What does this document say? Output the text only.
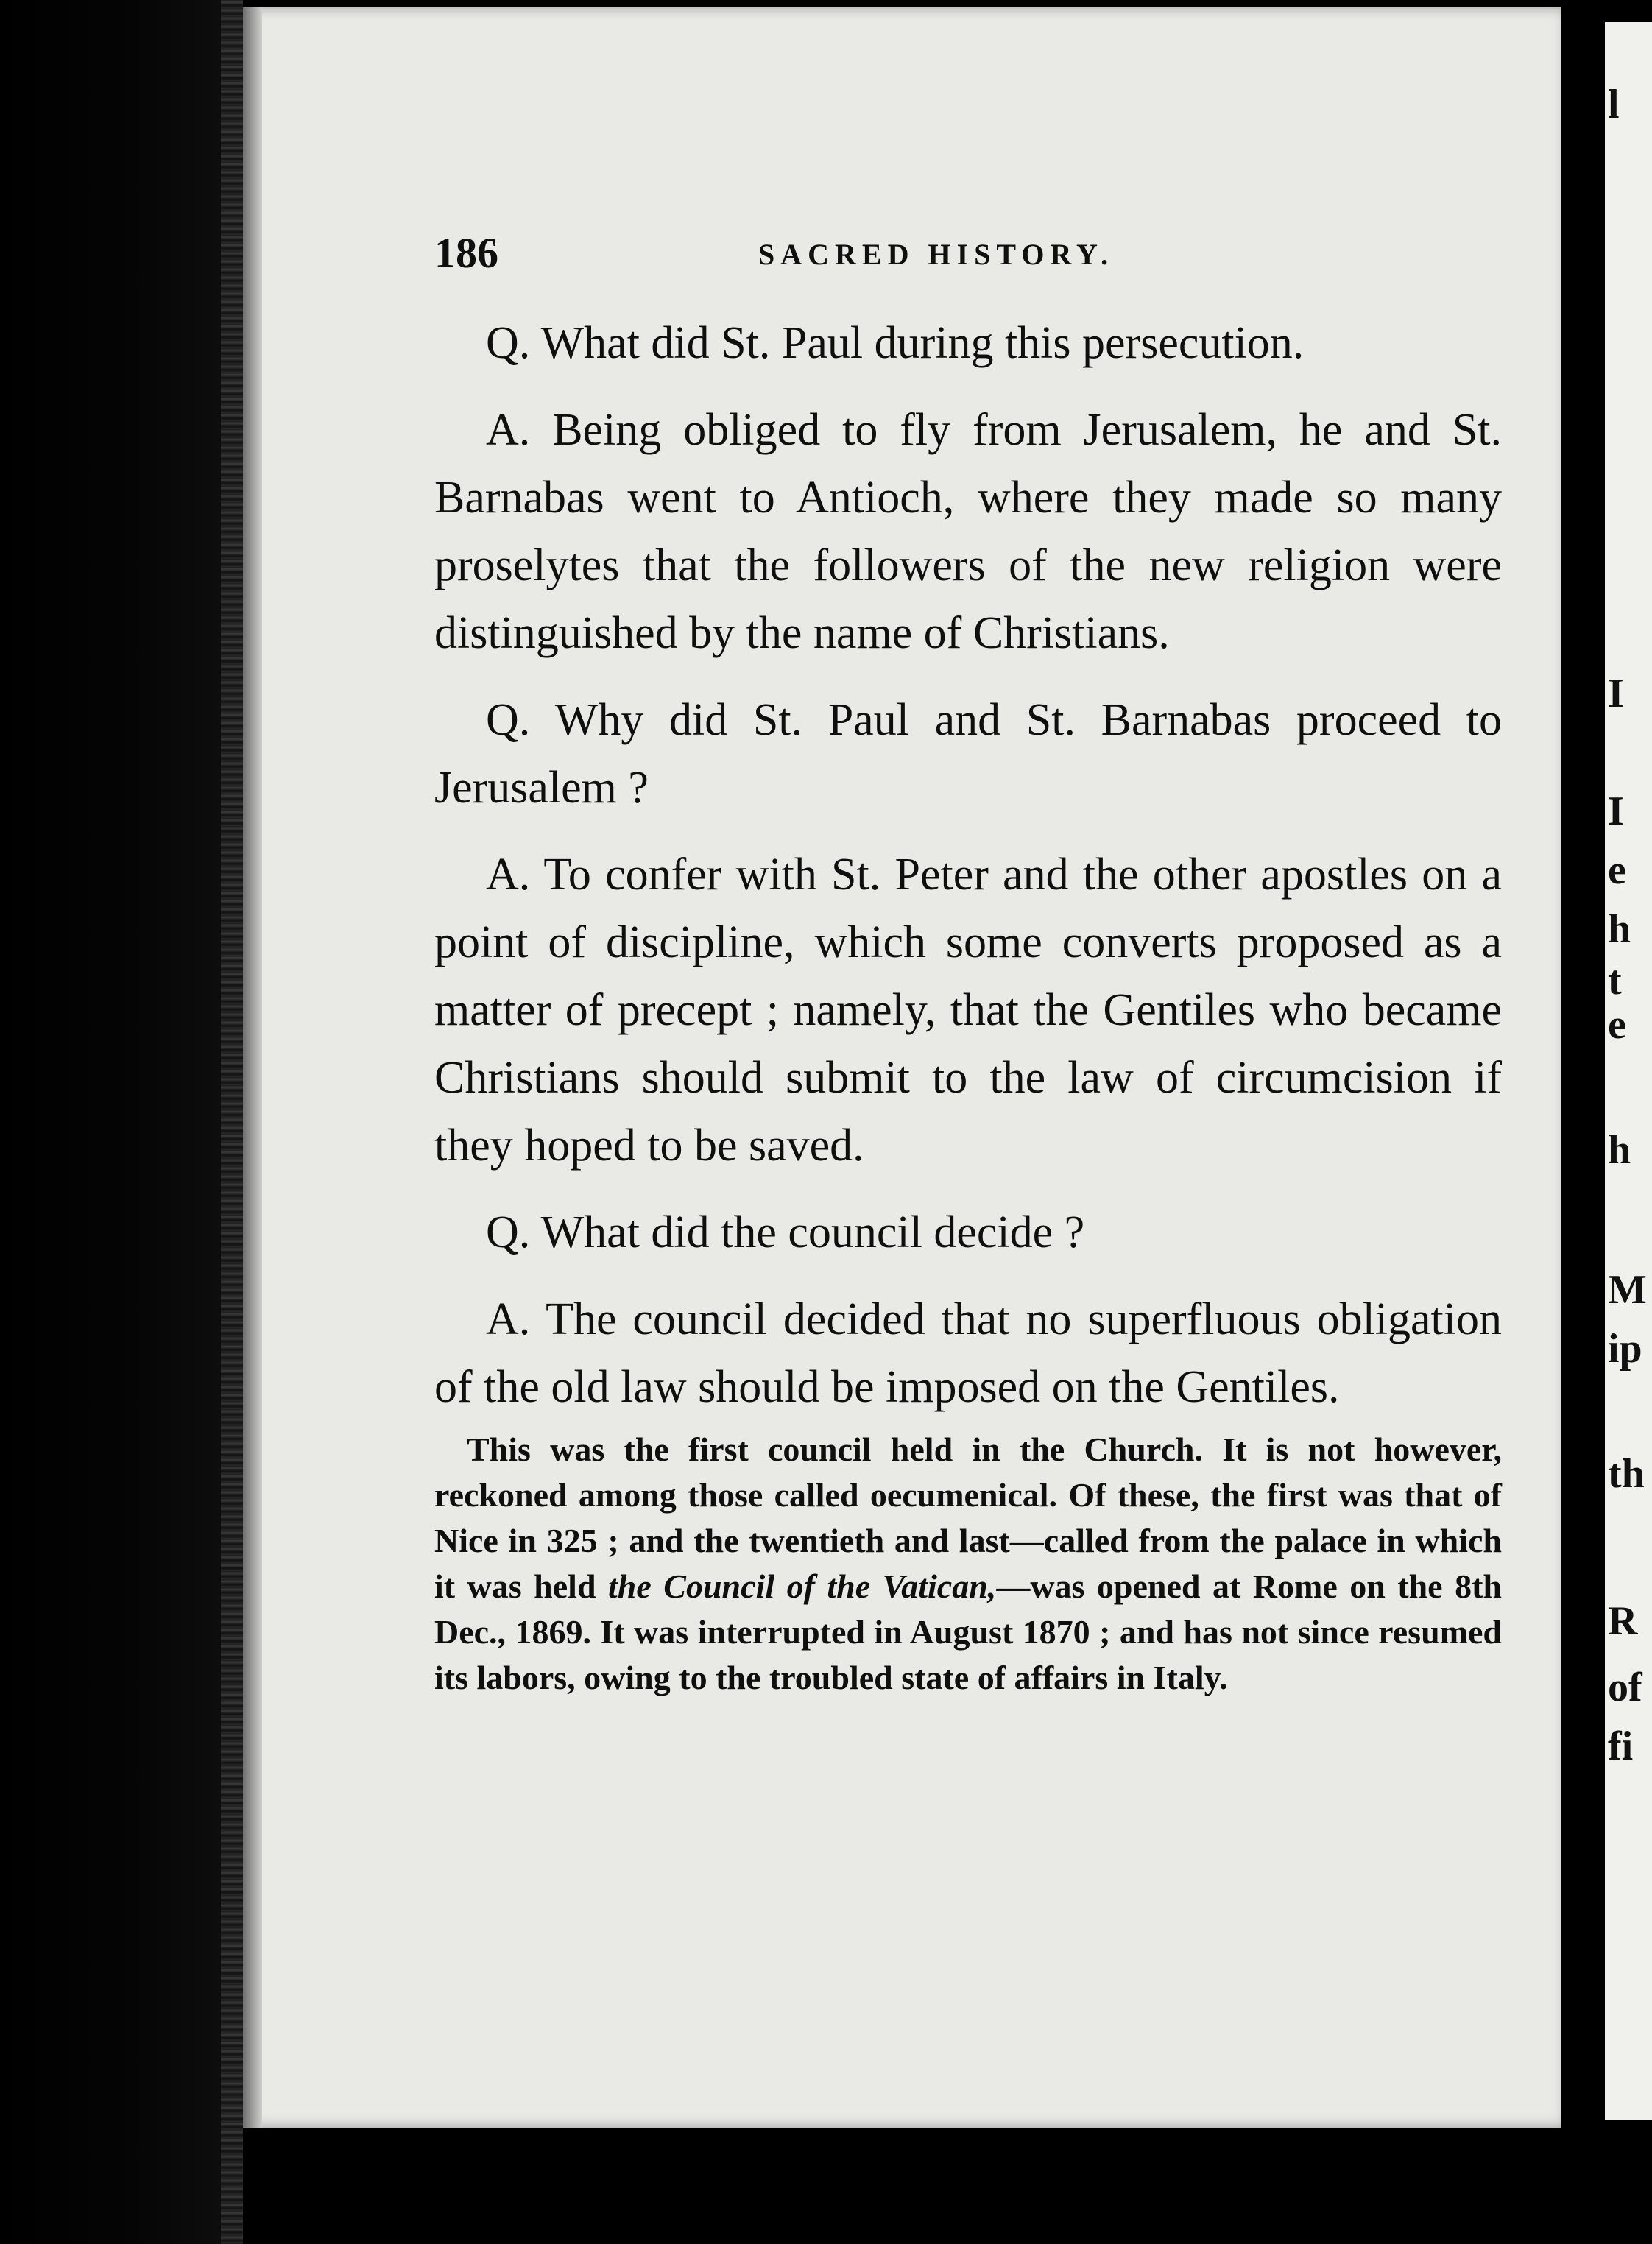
186	SACRED HISTORY.

Q. What did St. Paul during this persecution.

A. Being obliged to fly from Jerusalem, he and St. Barnabas went to Antioch, where they made so many proselytes that the followers of the new religion were distinguished by the name of Christians.

Q. Why did St. Paul and St. Barnabas proceed to Jerusalem ?

A. To confer with St. Peter and the other apostles on a point of discipline, which some converts proposed as a matter of precept ; namely, that the Gentiles who became Christians should submit to the law of circumcision if they hoped to be saved.

Q. What did the council decide ?

A. The council decided that no superfluous obligation of the old law should be imposed on the Gentiles.

This was the first council held in the Church. It is not however, reckoned among those called oecumenical. Of these, the first was that of Nice in 325 ; and the twentieth and last—called from the palace in which it was held the Council of the Vatican,—was opened at Rome on the 8th Dec., 1869. It was interrupted in August 1870 ; and has not since resumed its labors, owing to the troubled state of affairs in Italy.
l
I
I
e
h
t
e
h
M
ip
th
R
of
fi
